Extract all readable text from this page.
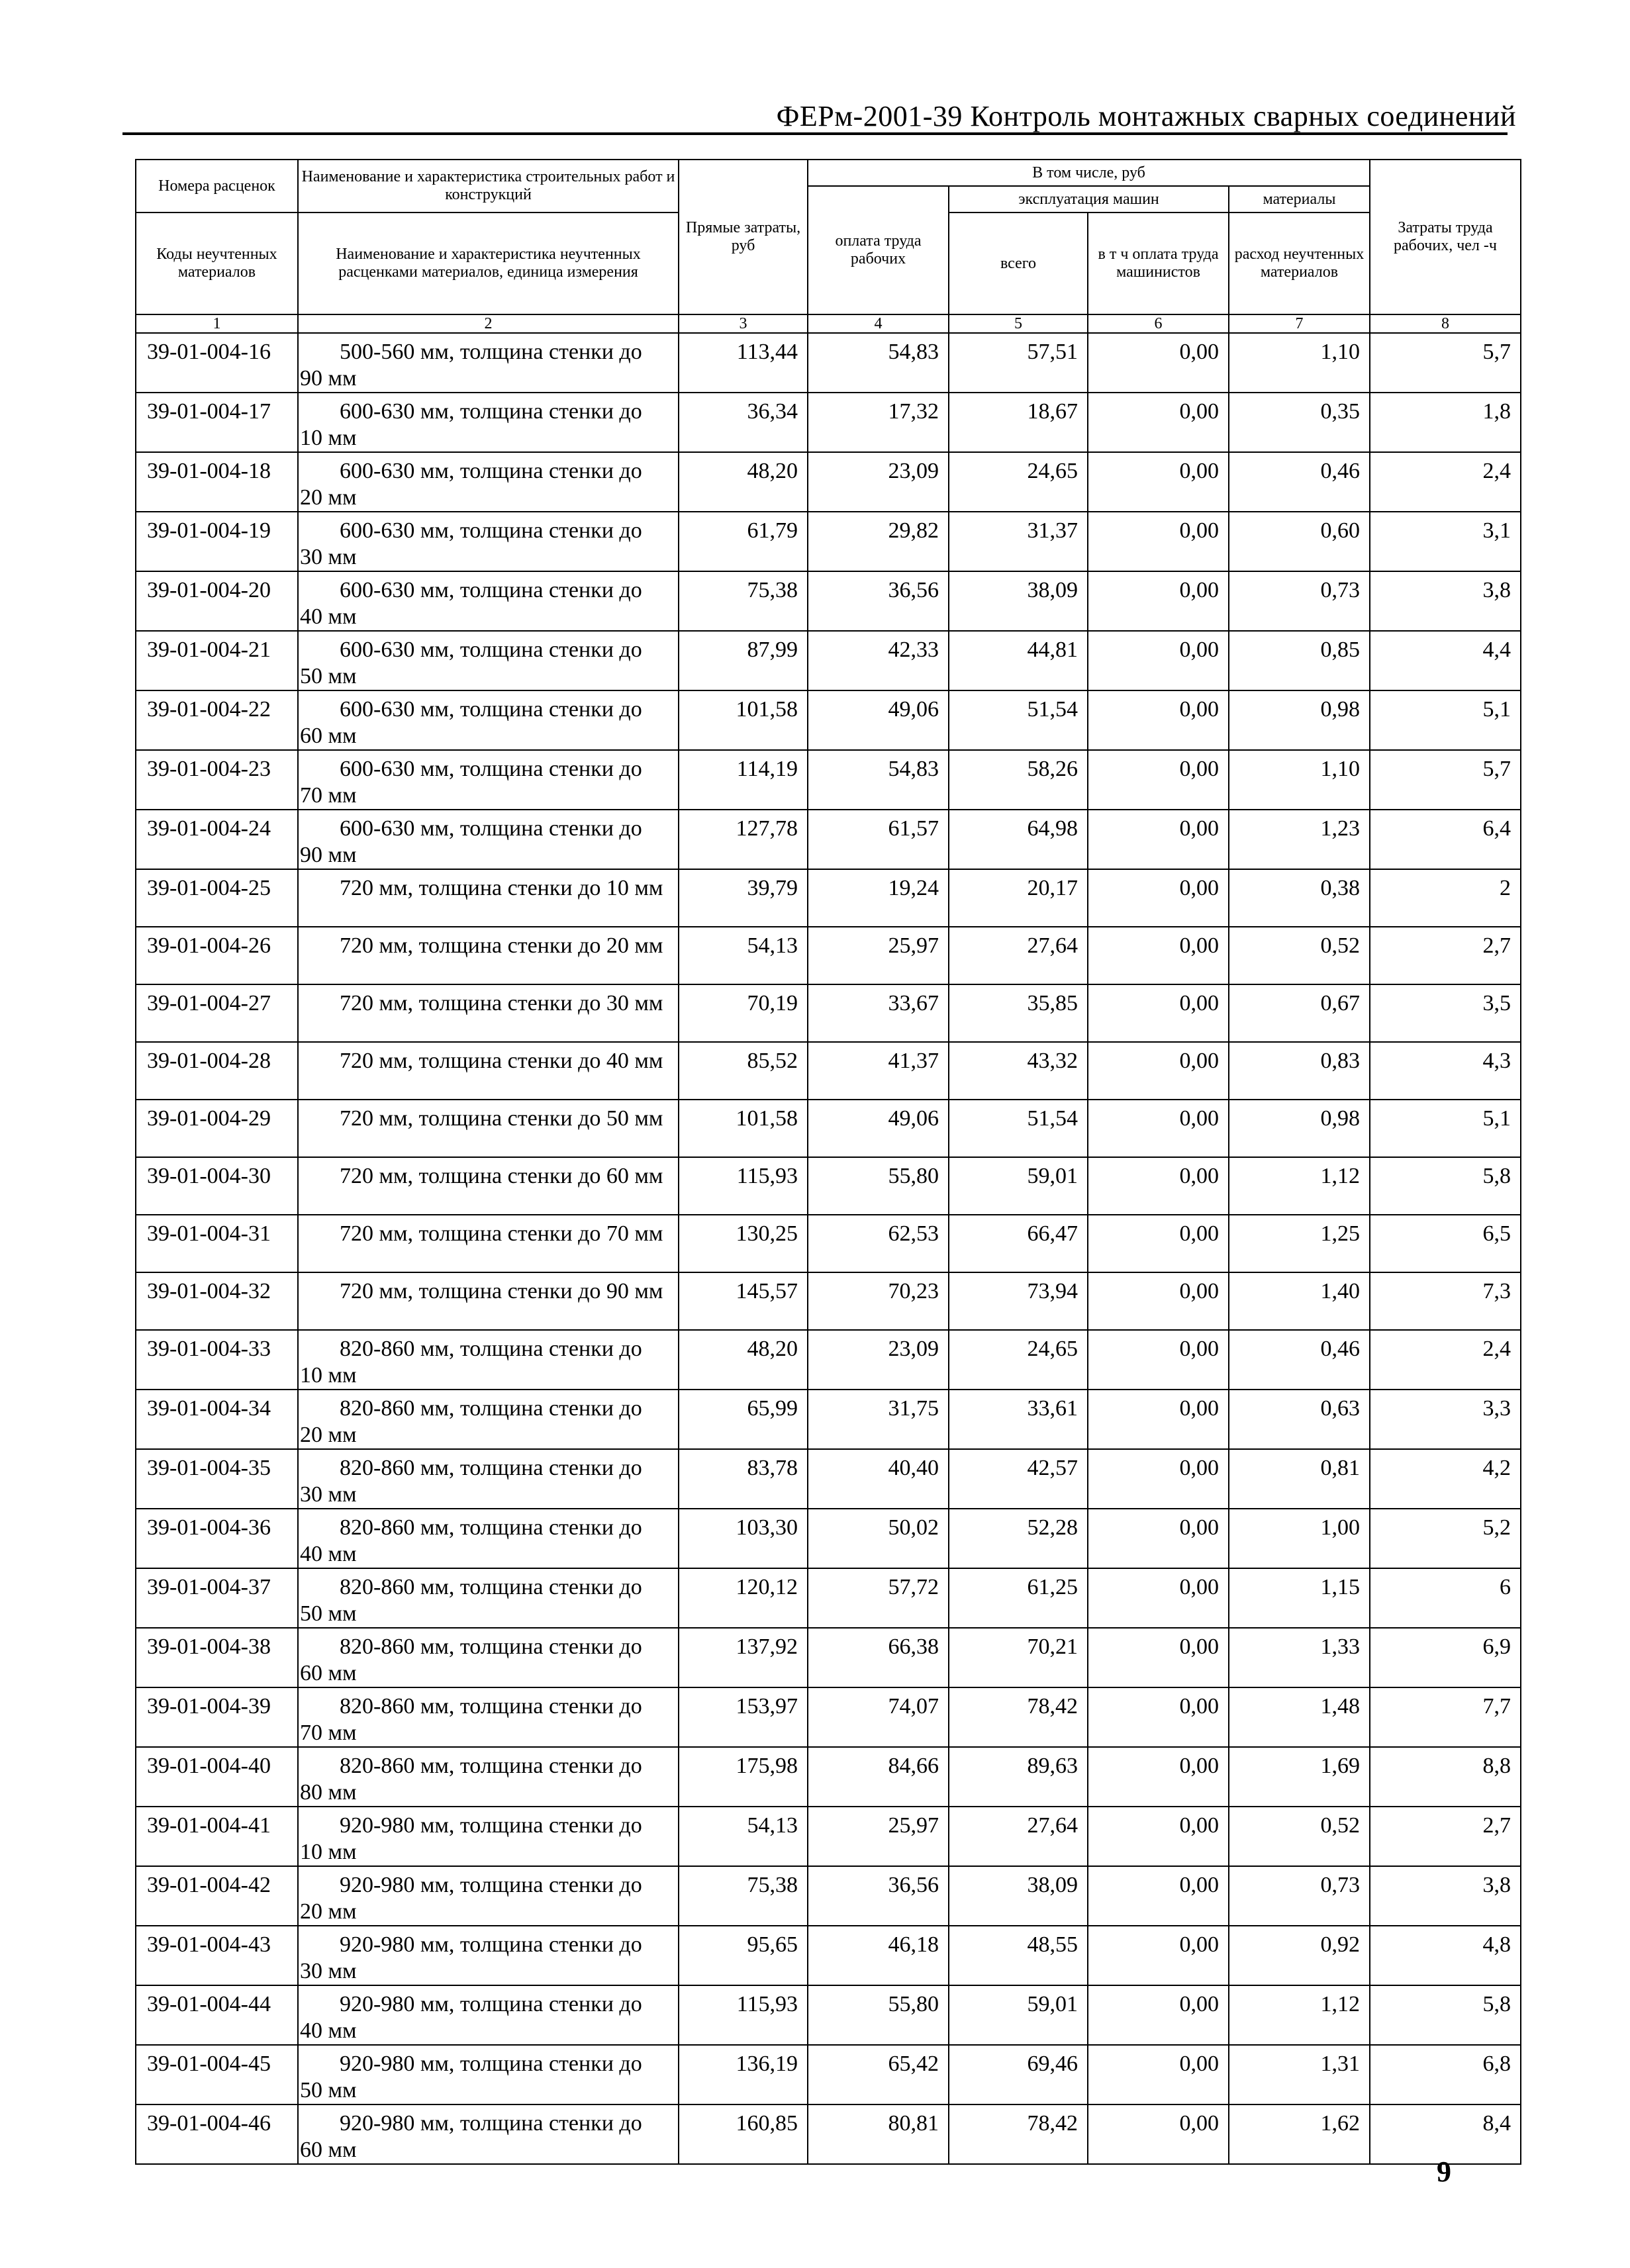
ФЕРм-2001-39 Контроль монтажных сварных соединений
Номера расценок	Наименование и характеристика строительных работ и конструкций	Прямые затраты, руб	В том числе, руб				Затраты труда рабочих, чел -ч
			оплата труда рабочих	эксплуатация машин		материалы	
Коды неучтенных материалов	Наименование и характеристика неучтенных расценками материалов, единица измерения			всего	в т ч оплата труда машинистов	расход неучтенных материалов	
1	2	3	4	5	6	7	8
39-01-004-16	500-560 мм, толщина стенки до 90 мм	113,44	54,83	57,51	0,00	1,10	5,7
39-01-004-17	600-630 мм, толщина стенки до 10 мм	36,34	17,32	18,67	0,00	0,35	1,8
39-01-004-18	600-630 мм, толщина стенки до 20 мм	48,20	23,09	24,65	0,00	0,46	2,4
39-01-004-19	600-630 мм, толщина стенки до 30 мм	61,79	29,82	31,37	0,00	0,60	3,1
39-01-004-20	600-630 мм, толщина стенки до 40 мм	75,38	36,56	38,09	0,00	0,73	3,8
39-01-004-21	600-630 мм, толщина стенки до 50 мм	87,99	42,33	44,81	0,00	0,85	4,4
39-01-004-22	600-630 мм, толщина стенки до 60 мм	101,58	49,06	51,54	0,00	0,98	5,1
39-01-004-23	600-630 мм, толщина стенки до 70 мм	114,19	54,83	58,26	0,00	1,10	5,7
39-01-004-24	600-630 мм, толщина стенки до 90 мм	127,78	61,57	64,98	0,00	1,23	6,4
39-01-004-25	720 мм, толщина стенки до 10 мм	39,79	19,24	20,17	0,00	0,38	2
39-01-004-26	720 мм, толщина стенки до 20 мм	54,13	25,97	27,64	0,00	0,52	2,7
39-01-004-27	720 мм, толщина стенки до 30 мм	70,19	33,67	35,85	0,00	0,67	3,5
39-01-004-28	720 мм, толщина стенки до 40 мм	85,52	41,37	43,32	0,00	0,83	4,3
39-01-004-29	720 мм, толщина стенки до 50 мм	101,58	49,06	51,54	0,00	0,98	5,1
39-01-004-30	720 мм, толщина стенки до 60 мм	115,93	55,80	59,01	0,00	1,12	5,8
39-01-004-31	720 мм, толщина стенки до 70 мм	130,25	62,53	66,47	0,00	1,25	6,5
39-01-004-32	720 мм, толщина стенки до 90 мм	145,57	70,23	73,94	0,00	1,40	7,3
39-01-004-33	820-860 мм, толщина стенки до 10 мм	48,20	23,09	24,65	0,00	0,46	2,4
39-01-004-34	820-860 мм, толщина стенки до 20 мм	65,99	31,75	33,61	0,00	0,63	3,3
39-01-004-35	820-860 мм, толщина стенки до 30 мм	83,78	40,40	42,57	0,00	0,81	4,2
39-01-004-36	820-860 мм, толщина стенки до 40 мм	103,30	50,02	52,28	0,00	1,00	5,2
39-01-004-37	820-860 мм, толщина стенки до 50 мм	120,12	57,72	61,25	0,00	1,15	6
39-01-004-38	820-860 мм, толщина стенки до 60 мм	137,92	66,38	70,21	0,00	1,33	6,9
39-01-004-39	820-860 мм, толщина стенки до 70 мм	153,97	74,07	78,42	0,00	1,48	7,7
39-01-004-40	820-860 мм, толщина стенки до 80 мм	175,98	84,66	89,63	0,00	1,69	8,8
39-01-004-41	920-980 мм, толщина стенки до 10 мм	54,13	25,97	27,64	0,00	0,52	2,7
39-01-004-42	920-980 мм, толщина стенки до 20 мм	75,38	36,56	38,09	0,00	0,73	3,8
39-01-004-43	920-980 мм, толщина стенки до 30 мм	95,65	46,18	48,55	0,00	0,92	4,8
39-01-004-44	920-980 мм, толщина стенки до 40 мм	115,93	55,80	59,01	0,00	1,12	5,8
39-01-004-45	920-980 мм, толщина стенки до 50 мм	136,19	65,42	69,46	0,00	1,31	6,8
39-01-004-46	920-980 мм, толщина стенки до 60 мм	160,85	80,81	78,42	0,00	1,62	8,4
9
